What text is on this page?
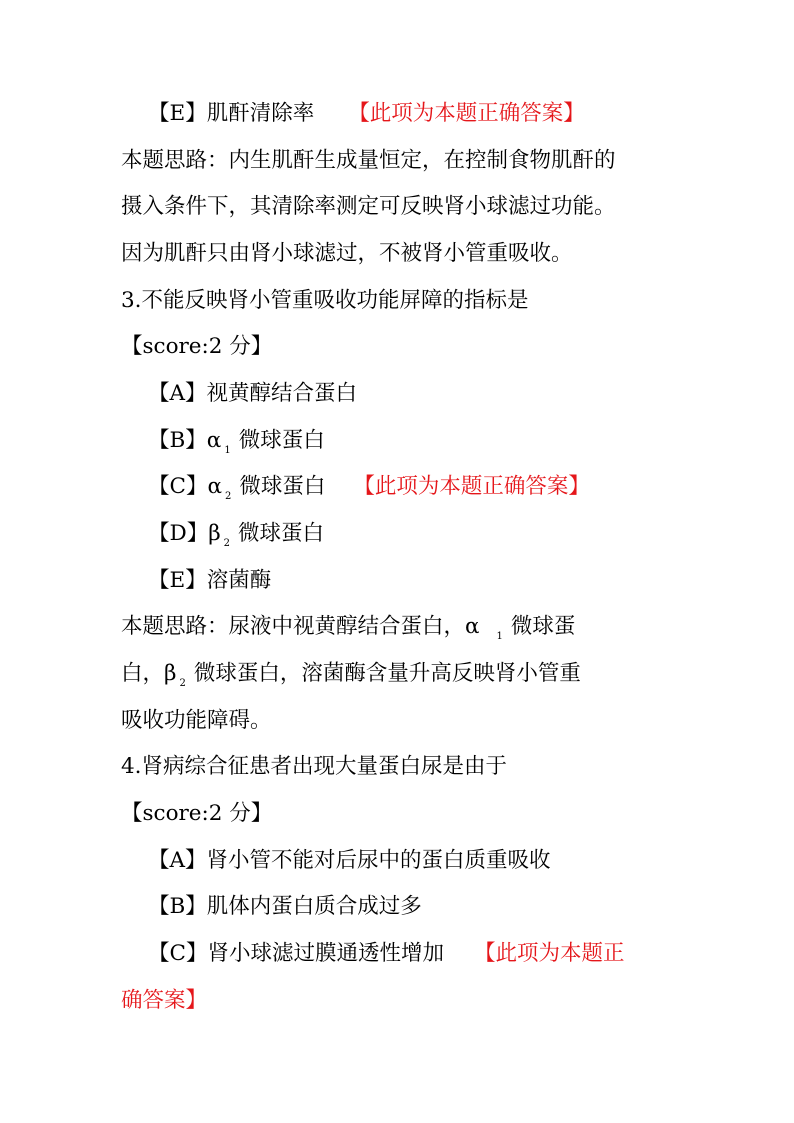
【E】肌酐清除率 【此项为本题正确答案】
本题思路：内生肌酐生成量恒定，在控制食物肌酐的
摄入条件下，其清除率测定可反映肾小球滤过功能。
因为肌酐只由肾小球滤过，不被肾小管重吸收。
3.不能反映肾小管重吸收功能屏障的指标是
【score:2 分】
【A】视黄醇结合蛋白
【B】α $_1$ 微球蛋白
【C】α $_2$ 微球蛋白 【此项为本题正确答案】
【D】β $_2$ 微球蛋白
【E】溶菌酶
本题思路：尿液中视黄醇结合蛋白，α $_1$ 微球蛋
白，β $_2$ 微球蛋白，溶菌酶含量升高反映肾小管重
吸收功能障碍。
4.肾病综合征患者出现大量蛋白尿是由于
【score:2 分】
【A】肾小管不能对后尿中的蛋白质重吸收
【B】肌体内蛋白质合成过多
【C】肾小球滤过膜通透性增加 【此项为本题正
确答案】
